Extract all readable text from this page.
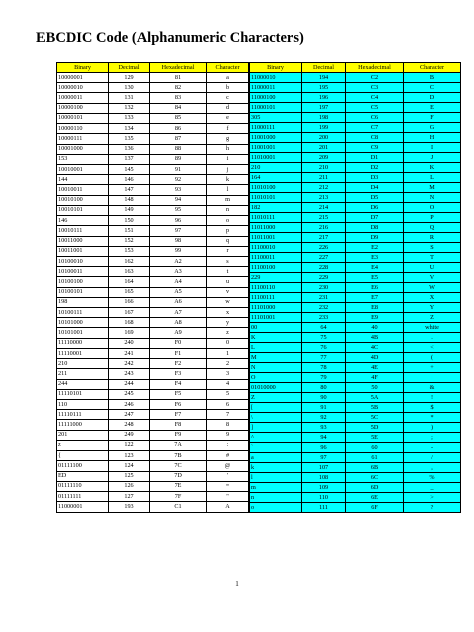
EBCDIC Code (Alphanumeric Characters)
Binary	Decimal	Hexadecimal	Character
10000001	129	81	a
10000010	130	82	b
10000011	131	83	c
10000100	132	84	d
10000101	133	85	e
10000110	134	86	f
10000111	135	87	g
10001000	136	88	h
153	137	89	i
10010001	145	91	j
144	146	92	k
10010011	147	93	l
10010100	148	94	m
10010101	149	95	n
146	150	96	o
10010111	151	97	p
10011000	152	98	q
10011001	153	99	r
10100010	162	A2	s
10100011	163	A3	t
10100100	164	A4	u
10100101	165	A5	v
198	166	A6	w
10100111	167	A7	x
10101000	168	A8	y
10101001	169	A9	z
11110000	240	F0	0
11110001	241	F1	1
210	242	F2	2
211	243	F3	3
244	244	F4	4
11110101	245	F5	5
110	246	F6	6
11110111	247	F7	7
11111000	248	F8	8
201	249	F9	9
z	122	7A	:
{	123	7B	#
01111100	124	7C	@
ED	125	7D	'
01111110	126	7E	=
01111111	127	7F	"
11000001	193	C1	A
Binary	Decimal	Hexadecimal	Character
11000010	194	C2	B
11000011	195	C3	C
11000100	196	C4	D
11000101	197	C5	E
305	198	C6	F
11000111	199	C7	G
11001000	200	C8	H
11001001	201	C9	I
11010001	209	D1	J
210	210	D2	K
164	211	D3	L
11010100	212	D4	M
11010101	213	D5	N
182	214	D6	O
11010111	215	D7	P
11011000	216	D8	Q
11011001	217	D9	R
11100010	226	E2	S
11100011	227	E3	T
11100100	228	E4	U
229	229	E5	V
11100110	230	E6	W
11100111	231	E7	X
11101000	232	E8	Y
11101001	233	E9	Z
00	64	40	white
K	75	4B	.
L	76	4C	<
M	77	4D	(
N	78	4E	+
O	79	4F	
01010000	80	50	&
Z	90	5A	!
[	91	5B	$
\	92	5C	*
]	93	5D	)
^	94	5E	;
`	96	60	-
a	97	61	/
k	107	6B	,
l	108	6C	%
m	109	6D	_
n	110	6E	>
o	111	6F	?
1
